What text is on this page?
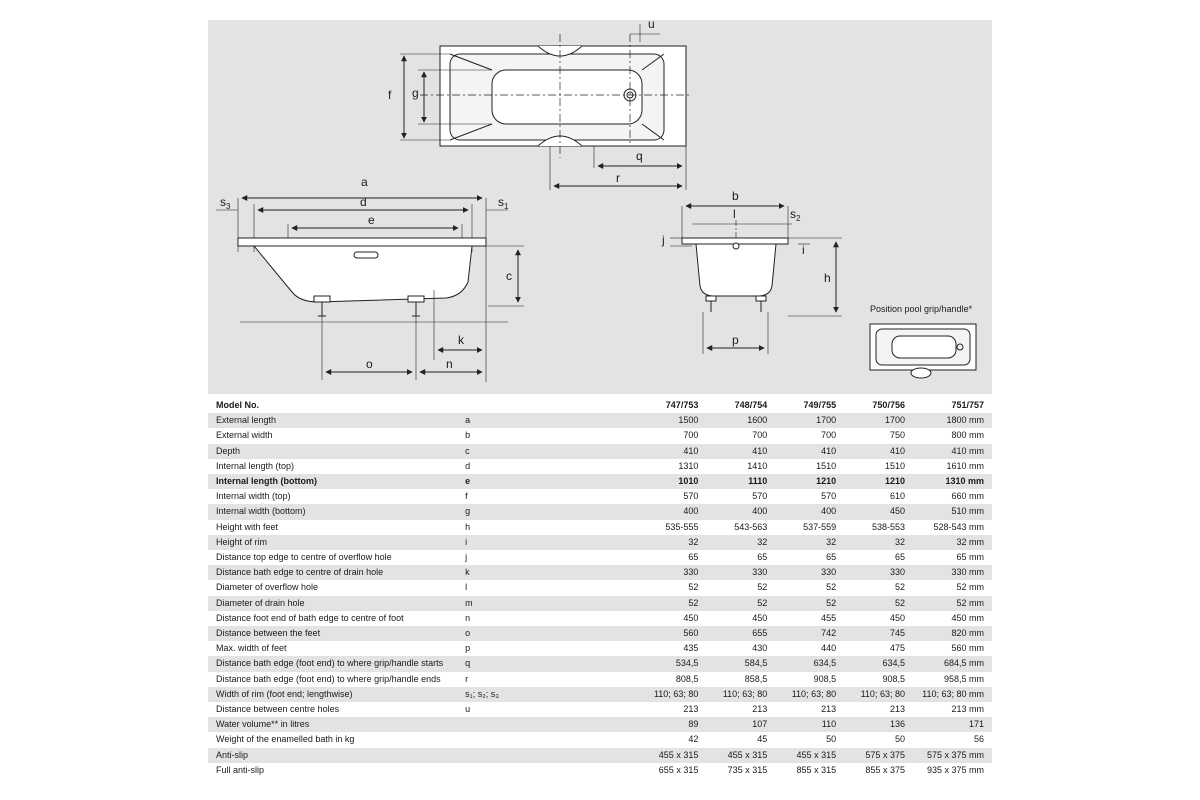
f g
u
q
r
a
d
e
$s_3$	$s_1$
c
k
o	n
b
l	$s_2$
j
i
h
p
Position pool grip/handle*
Model No.		747/753	748/754	749/755	750/756	751/757
External length	a	1500	1600	1700	1700	1800 mm
External width	b	700	700	700	750	800 mm
Depth	c	410	410	410	410	410 mm
Internal length (top)	d	1310	1410	1510	1510	1610 mm
Internal length (bottom)	e	1010	1110	1210	1210	1310 mm
Internal width (top)	f	570	570	570	610	660 mm
Internal width (bottom)	g	400	400	400	450	510 mm
Height with feet	h	535-555	543-563	537-559	538-553	528-543 mm
Height of rim	i	32	32	32	32	32 mm
Distance top edge to centre of overflow hole	j	65	65	65	65	65 mm
Distance bath edge to centre of drain hole	k	330	330	330	330	330 mm
Diameter of overflow hole	l	52	52	52	52	52 mm
Diameter of drain hole	m	52	52	52	52	52 mm
Distance foot end of bath edge to centre of foot	n	450	450	455	450	450 mm
Distance between the feet	o	560	655	742	745	820 mm
Max. width of feet	p	435	430	440	475	560 mm
Distance bath edge (foot end) to where grip/handle starts	q	534,5	584,5	634,5	634,5	684,5 mm
Distance bath edge (foot end) to where grip/handle ends	r	808,5	858,5	908,5	908,5	958,5 mm
Width of rim (foot end; lengthwise)	s₁; s₂; s₃	110; 63; 80	110; 63; 80	110; 63; 80	110; 63; 80	110; 63; 80 mm
Distance between centre holes	u	213	213	213	213	213 mm
Water volume** in litres		89	107	110	136	171
Weight of the enamelled bath in kg		42	45	50	50	56
Anti-slip		455 x 315	455 x 315	455 x 315	575 x 375	575 x 375 mm
Full anti-slip		655 x 315	735 x 315	855 x 315	855 x 375	935 x 375 mm
